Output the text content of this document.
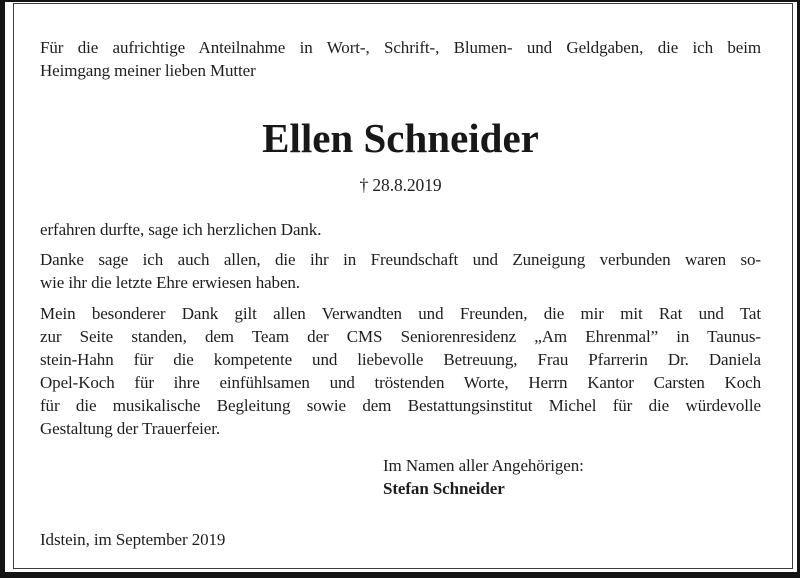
Für die aufrichtige Anteilnahme in Wort-, Schrift-, Blumen- und Geldgaben, die ich beim
Heimgang meiner lieben Mutter
Ellen Schneider
† 28.8.2019
erfahren durfte, sage ich herzlichen Dank.
Danke sage ich auch allen, die ihr in Freundschaft und Zuneigung verbunden waren so-
wie ihr die letzte Ehre erwiesen haben.
Mein besonderer Dank gilt allen Verwandten und Freunden, die mir mit Rat und Tat
zur Seite standen, dem Team der CMS Seniorenresidenz „Am Ehrenmal” in Taunus-
stein-Hahn für die kompetente und liebevolle Betreuung, Frau Pfarrerin Dr. Daniela
Opel-Koch für ihre einfühlsamen und tröstenden Worte, Herrn Kantor Carsten Koch
für die musikalische Begleitung sowie dem Bestattungsinstitut Michel für die würdevolle
Gestaltung der Trauerfeier.
Im Namen aller Angehörigen:
Stefan Schneider
Idstein, im September 2019
